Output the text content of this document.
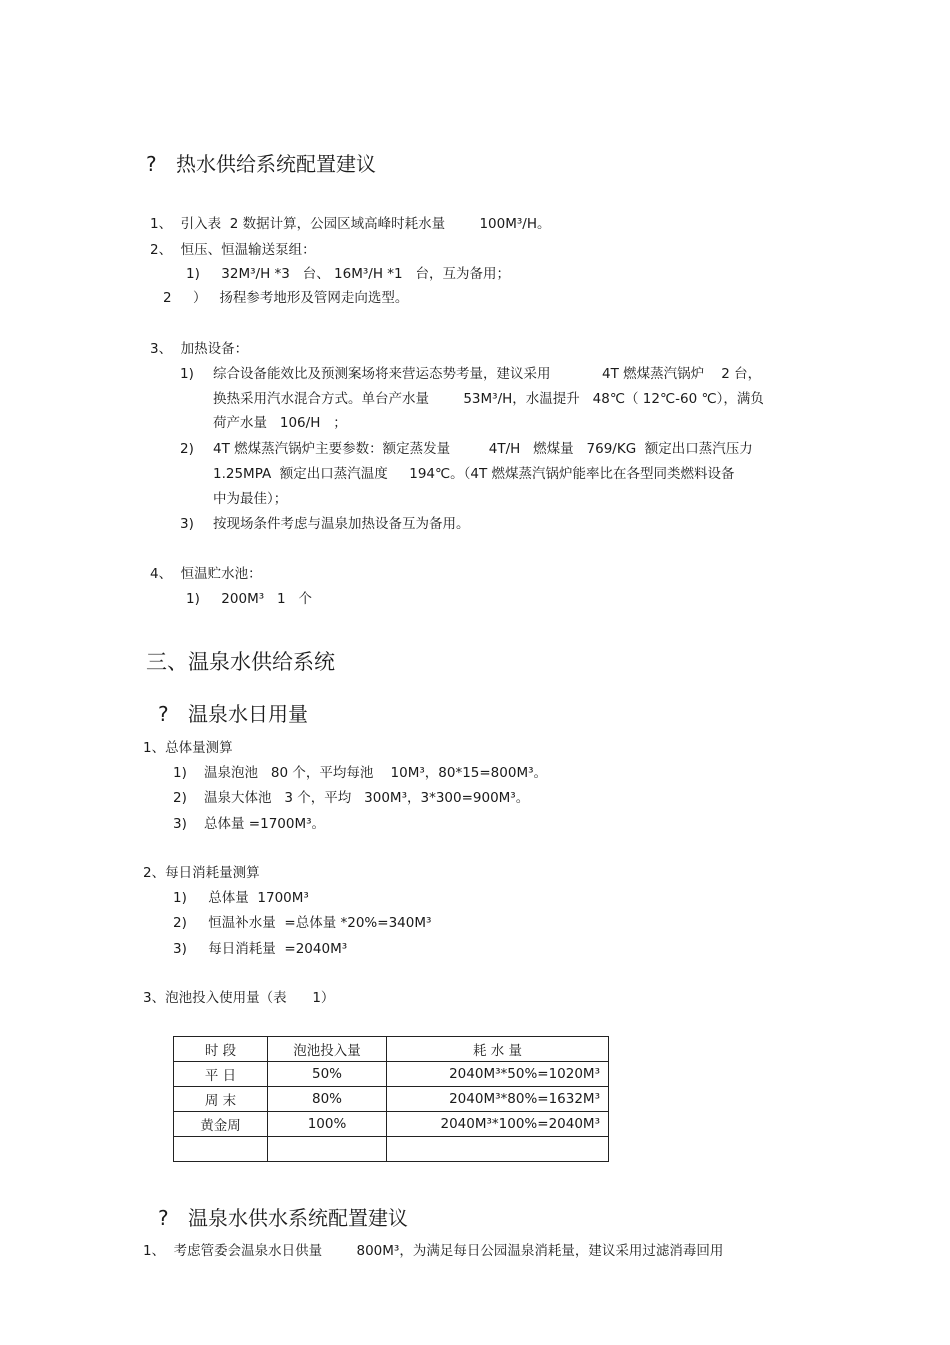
? 热水供给系统配置建议
1、  引入表  2 数据计算，公园区域高峰时耗水量        100M³/H。
2、  恒压、恒温输送泵组：
1)     32M³/H *3   台、 16M³/H *1   台，互为备用；
2     ）   扬程参考地形及管网走向选型。
3、  加热设备：
1) 综合设备能效比及预测案场将来营运态势考量，建议采用            4T 燃煤蒸汽锅炉    2 台，
换热采用汽水混合方式。单台产水量        53M³/H，水温提升   48℃（ 12℃-60 ℃），满负
荷产水量   106/H   ；
2) 4T 燃煤蒸汽锅炉主要参数：额定蒸发量         4T/H   燃煤量   769/KG  额定出口蒸汽压力
1.25MPA  额定出口蒸汽温度     194℃。（4T 燃煤蒸汽锅炉能率比在各型同类燃料设备
中为最佳）；
3) 按现场条件考虑与温泉加热设备互为备用。
4、  恒温贮水池：
1)     200M³   1   个
三、温泉水供给系统
? 温泉水日用量
1、总体量测算
1)    温泉泡池   80 个，平均每池    10M³，80*15=800M³。
2)    温泉大体池   3 个，平均   300M³，3*300=900M³。
3)    总体量 =1700M³。
2、每日消耗量测算
1)     总体量  1700M³
2)     恒温补水量  =总体量 *20%=340M³
3)     每日消耗量  =2040M³
3、泡池投入使用量（表      1）
时 段	泡池投入量	耗 水 量
平 日	50%	2040M³*50%=1020M³
周 末	80%	2040M³*80%=1632M³
黄金周	100%	2040M³*100%=2040M³

? 温泉水供水系统配置建议
1、  考虑管委会温泉水日供量        800M³，为满足每日公园温泉消耗量，建议采用过滤消毒回用
